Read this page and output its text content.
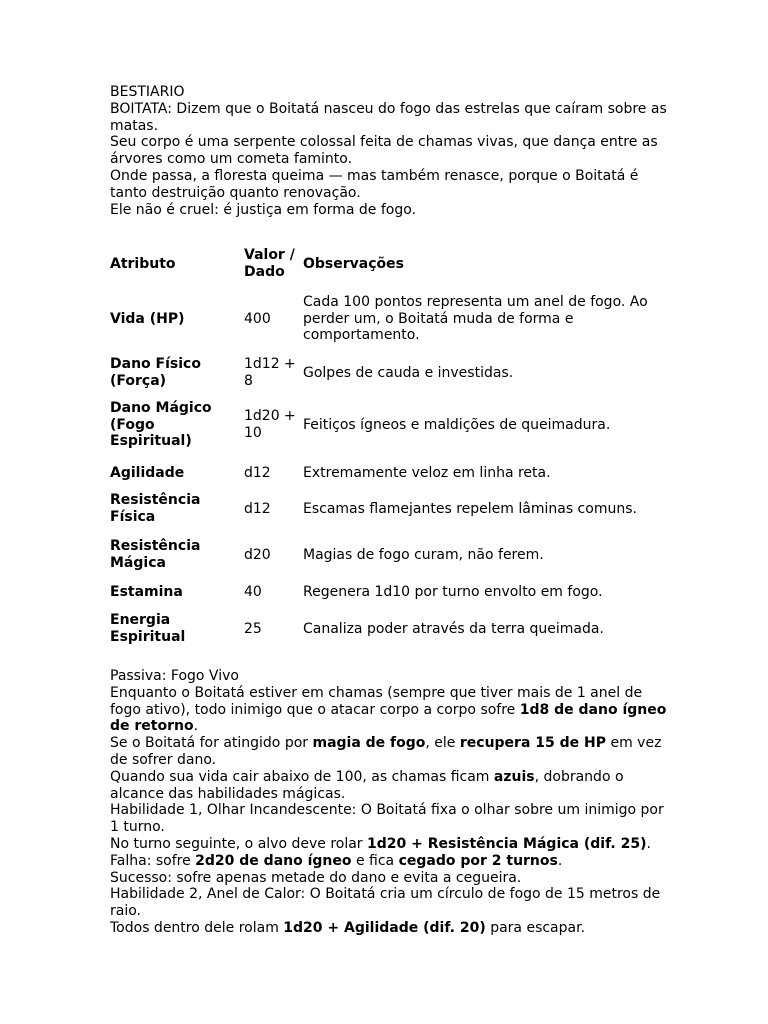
BESTIARIO

BOITATA: Dizem que o Boitatá nasceu do fogo das estrelas que caíram sobre as matas.

Seu corpo é uma serpente colossal feita de chamas vivas, que dança entre as árvores como um cometa faminto.

Onde passa, a floresta queima — mas também renasce, porque o Boitatá é tanto destruição quanto renovação.

Ele não é cruel: é justiça em forma de fogo.

Atributo	Valor / Dado	Observações
Vida (HP)	400	Cada 100 pontos representa um anel de fogo. Ao perder um, o Boitatá muda de forma e comportamento.
Dano Físico (Força)	1d12 + 8	Golpes de cauda e investidas.
Dano Mágico (Fogo Espiritual)	1d20 + 10	Feitiços ígneos e maldições de queimadura.
Agilidade	d12	Extremamente veloz em linha reta.
Resistência Física	d12	Escamas flamejantes repelem lâminas comuns.
Resistência Mágica	d20	Magias de fogo curam, não ferem.
Estamina	40	Regenera 1d10 por turno envolto em fogo.
Energia Espiritual	25	Canaliza poder através da terra queimada.

Passiva: Fogo Vivo

Enquanto o Boitatá estiver em chamas (sempre que tiver mais de 1 anel de fogo ativo), todo inimigo que o atacar corpo a corpo sofre 1d8 de dano ígneo de retorno.

Se o Boitatá for atingido por magia de fogo, ele recupera 15 de HP em vez de sofrer dano.

Quando sua vida cair abaixo de 100, as chamas ficam azuis, dobrando o alcance das habilidades mágicas.

Habilidade 1, Olhar Incandescente: O Boitatá fixa o olhar sobre um inimigo por 1 turno.

No turno seguinte, o alvo deve rolar 1d20 + Resistência Mágica (dif. 25).

Falha: sofre 2d20 de dano ígneo e fica cegado por 2 turnos.

Sucesso: sofre apenas metade do dano e evita a cegueira.

Habilidade 2, Anel de Calor: O Boitatá cria um círculo de fogo de 15 metros de raio.

Todos dentro dele rolam 1d20 + Agilidade (dif. 20) para escapar.
